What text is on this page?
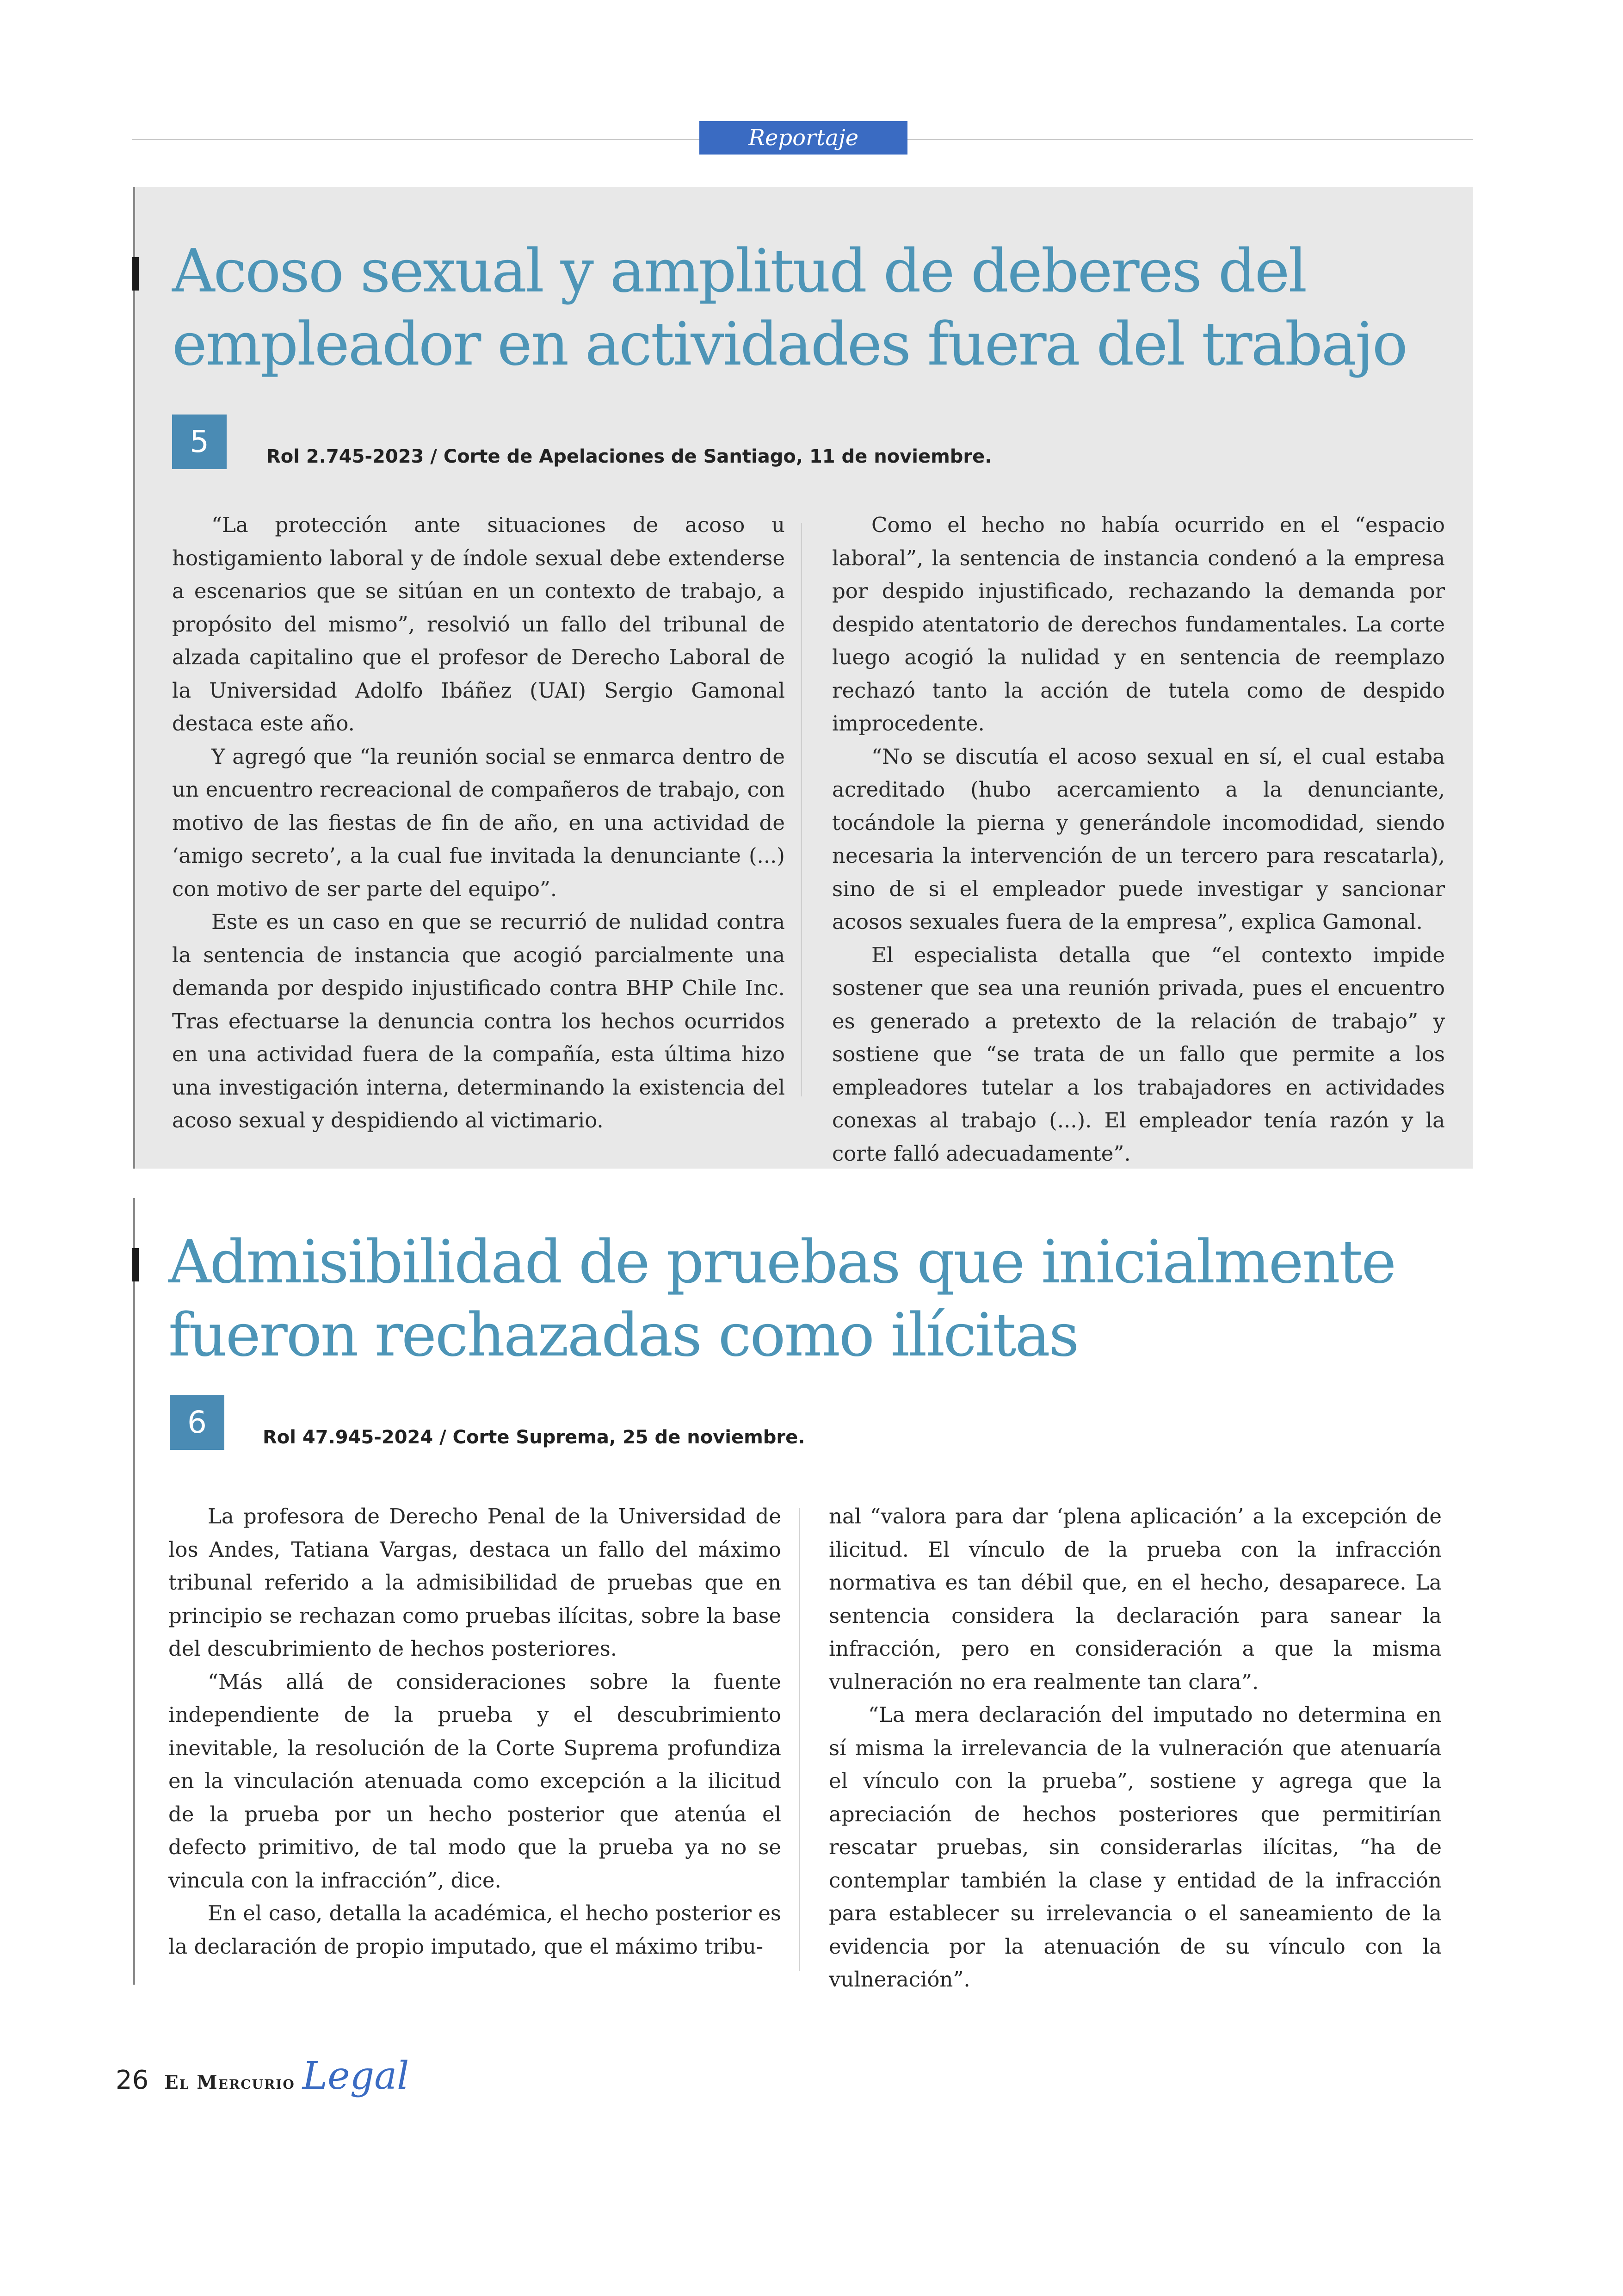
Reportaje
Acoso sexual y amplitud de deberes del
empleador en actividades fuera del trabajo
5	Rol 2.745-2023 / Corte de Apelaciones de Santiago, 11 de noviembre.

“La protección ante situaciones de acoso u hostigamiento laboral y de índole sexual debe extenderse a escenarios que se sitúan en un contexto de trabajo, a propósito del mismo”, resolvió un fallo del tribunal de alzada capitalino que el profesor de Derecho Laboral de la Universidad Adolfo Ibáñez (UAI) Sergio Gamonal destaca este año.

Y agregó que “la reunión social se enmarca dentro de un encuentro recreacional de compañeros de trabajo, con motivo de las fiestas de fin de año, en una actividad de ‘amigo secreto’, a la cual fue invitada la denunciante (...) con motivo de ser parte del equipo”.

Este es un caso en que se recurrió de nulidad contra la sentencia de instancia que acogió parcialmente una demanda por despido injustificado contra BHP Chile Inc. Tras efectuarse la denuncia contra los hechos ocurridos en una actividad fuera de la compañía, esta última hizo una investigación interna, determinando la existencia del acoso sexual y despidiendo al victimario.

Como el hecho no había ocurrido en el “espacio laboral”, la sentencia de instancia condenó a la empresa por despido injustificado, rechazando la demanda por despido atentatorio de derechos fundamentales. La corte luego acogió la nulidad y en sentencia de reemplazo rechazó tanto la acción de tutela como de despido improcedente.

“No se discutía el acoso sexual en sí, el cual estaba acreditado (hubo acercamiento a la denunciante, tocándole la pierna y generándole incomodidad, siendo necesaria la intervención de un tercero para rescatarla), sino de si el empleador puede investigar y sancionar acosos sexuales fuera de la empresa”, explica Gamonal.

El especialista detalla que “el contexto impide sostener que sea una reunión privada, pues el encuentro es generado a pretexto de la relación de trabajo” y sostiene que “se trata de un fallo que permite a los empleadores tutelar a los trabajadores en actividades conexas al trabajo (...). El empleador tenía razón y la corte falló adecuadamente”.

Admisibilidad de pruebas que inicialmente
fueron rechazadas como ilícitas
6	Rol 47.945-2024 / Corte Suprema, 25 de noviembre.

La profesora de Derecho Penal de la Universidad de los Andes, Tatiana Vargas, destaca un fallo del máximo tribunal referido a la admisibilidad de pruebas que en principio se rechazan como pruebas ilícitas, sobre la base del descubrimiento de hechos posteriores.

“Más allá de consideraciones sobre la fuente independiente de la prueba y el descubrimiento inevitable, la resolución de la Corte Suprema profundiza en la vinculación atenuada como excepción a la ilicitud de la prueba por un hecho posterior que atenúa el defecto primitivo, de tal modo que la prueba ya no se vincula con la infracción”, dice.

En el caso, detalla la académica, el hecho posterior es la declaración de propio imputado, que el máximo tribu-

nal “valora para dar ‘plena aplicación’ a la excepción de ilicitud. El vínculo de la prueba con la infracción normativa es tan débil que, en el hecho, desaparece. La sentencia considera la declaración para sanear la infracción, pero en consideración a que la misma vulneración no era realmente tan clara”.

“La mera declaración del imputado no determina en sí misma la irrelevancia de la vulneración que atenuaría el vínculo con la prueba”, sostiene y agrega que la apreciación de hechos posteriores que permitirían rescatar pruebas, sin considerarlas ilícitas, “ha de contemplar también la clase y entidad de la infracción para establecer su irrelevancia o el saneamiento de la evidencia por la atenuación de su vínculo con la vulneración”.

26 El Mercurio Legal
